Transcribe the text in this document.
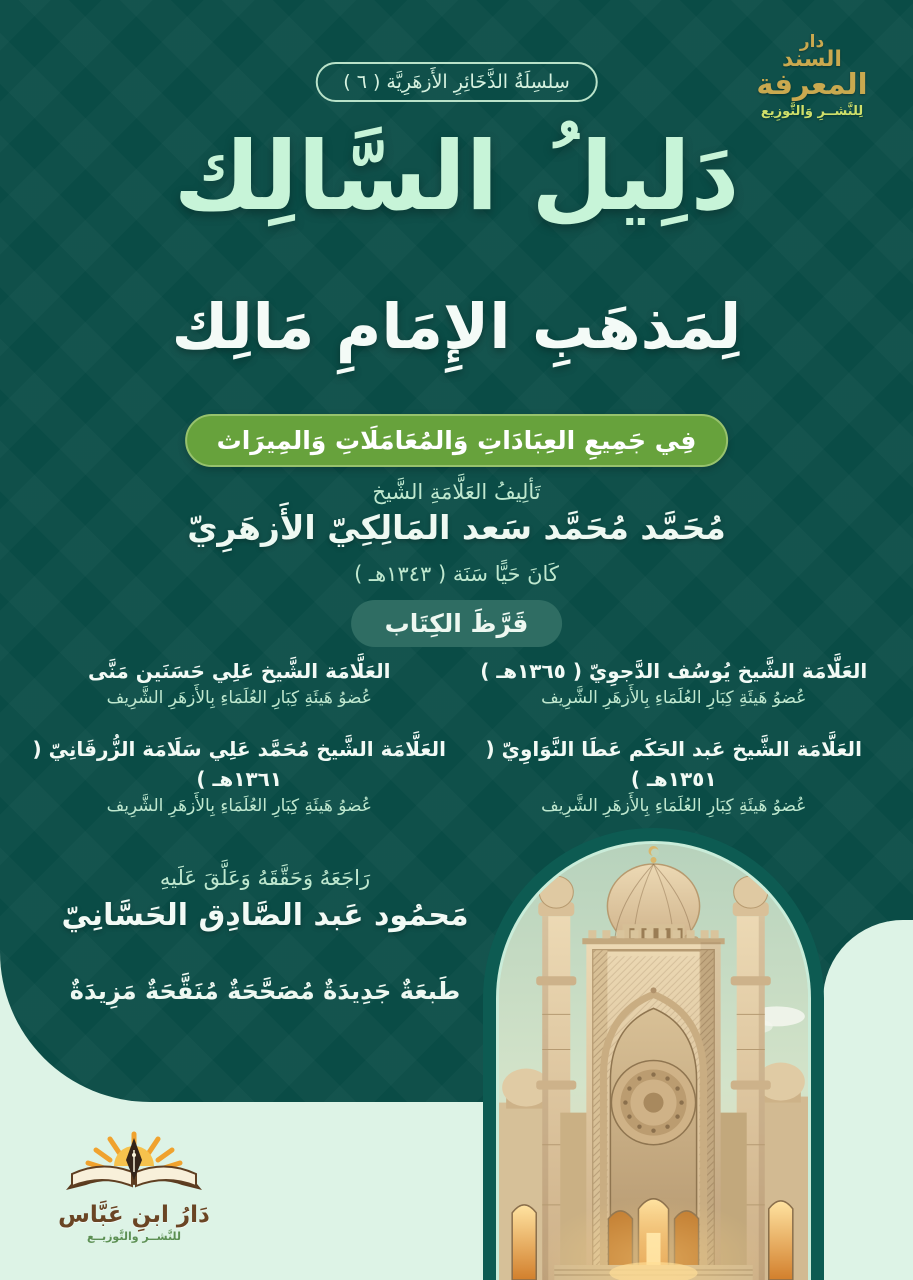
سِلسِلَةُ الذَّخَائِرِ الأَزهَرِيَّة ( ٦ )
دار
السند
المعرفة
لِلنَّشــرِ وَالتَّوزِيع
دَلِيلُ السَّالِك
لِمَذهَبِ الإِمَامِ مَالِك
فِي جَمِيعِ العِبَادَاتِ وَالمُعَامَلَاتِ وَالمِيرَاث
تَألِيفُ العَلَّامَةِ الشَّيخ
مُحَمَّد مُحَمَّد سَعد المَالِكِيّ الأَزهَرِيّ
كَانَ حَيًّا سَنَة ( ١٣٤٣هـ )
قَرَّظَ الكِتَاب
العَلَّامَة الشَّيخ يُوسُف الدَّجوِيّ ( ١٣٦٥هـ )
عُضوُ هَيئَةِ كِبَارِ العُلَمَاءِ بِالأَزهَرِ الشَّرِيف
العَلَّامَة الشَّيخ عَلِي حَسَنَين مَنَّى
عُضوُ هَيئَةِ كِبَارِ العُلَمَاءِ بِالأَزهَرِ الشَّرِيف
العَلَّامَة الشَّيخ عَبد الحَكَم عَطَا النَّوَاوِيّ ( ١٣٥١هـ )
عُضوُ هَيئَةِ كِبَارِ العُلَمَاءِ بِالأَزهَرِ الشَّرِيف
العَلَّامَة الشَّيخ مُحَمَّد عَلِي سَلَامَة الزُّرقَانِيّ ( ١٣٦١هـ )
عُضوُ هَيئَةِ كِبَارِ العُلَمَاءِ بِالأَزهَرِ الشَّرِيف
رَاجَعَهُ وَحَقَّقَهُ وَعَلَّقَ عَلَيهِ
مَحمُود عَبد الصَّادِق الحَسَّانِيّ
طَبعَةٌ جَدِيدَةٌ مُصَحَّحَةٌ مُنَقَّحَةٌ مَزِيدَةٌ
دَارُ ابنِ عَبَّاس
للنَّشــر والتَّوزيــع
